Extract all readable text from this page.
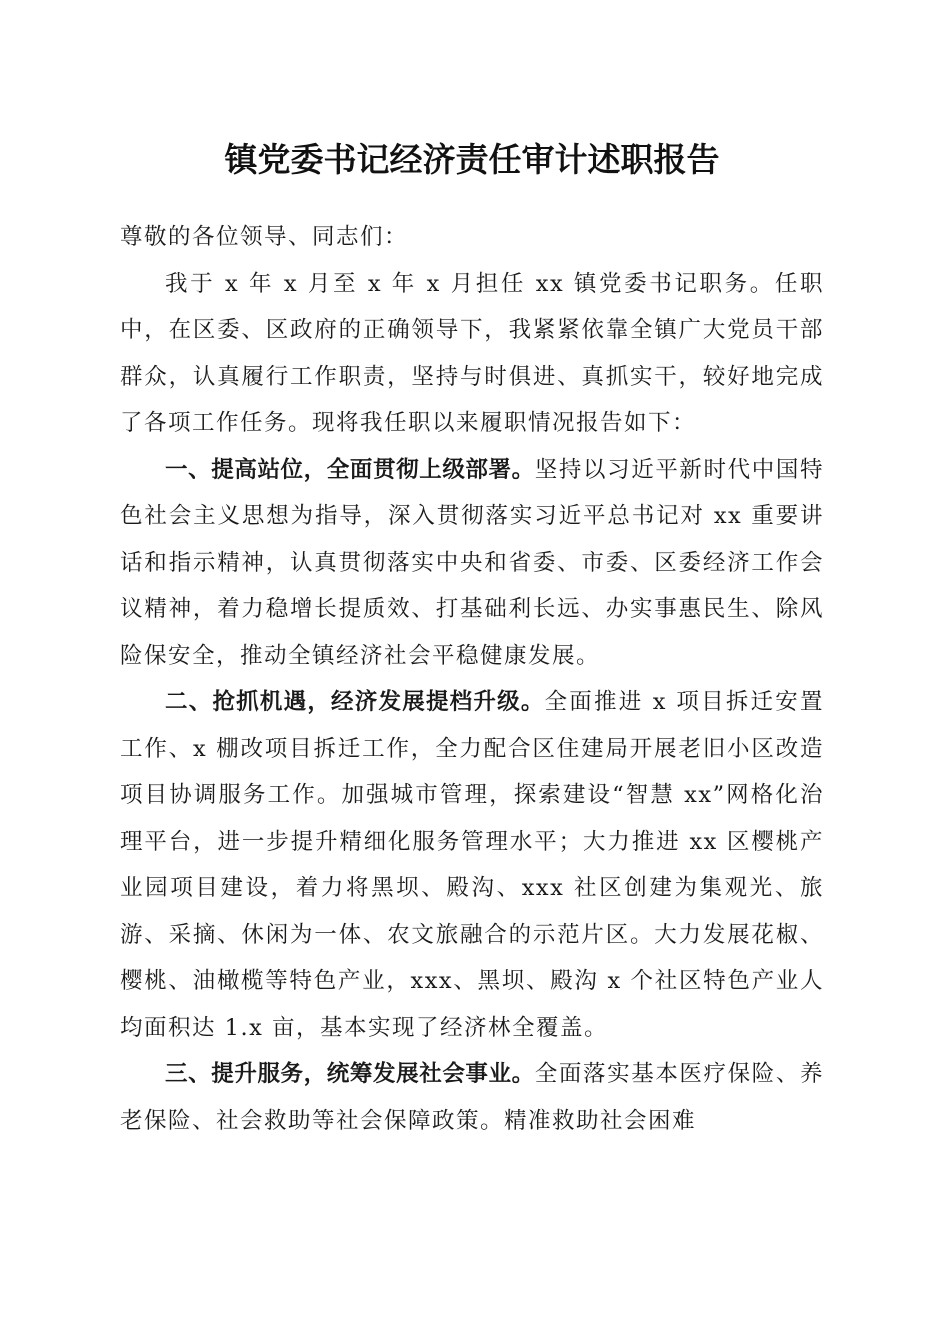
镇党委书记经济责任审计述职报告

尊敬的各位领导、同志们：

我于 x 年 x 月至 x 年 x 月担任 xx 镇党委书记职务。任职中，在区委、区政府的正确领导下，我紧紧依靠全镇广大党员干部群众，认真履行工作职责，坚持与时俱进、真抓实干，较好地完成了各项工作任务。现将我任职以来履职情况报告如下：

一、提高站位，全面贯彻上级部署。坚持以习近平新时代中国特色社会主义思想为指导，深入贯彻落实习近平总书记对 xx 重要讲话和指示精神，认真贯彻落实中央和省委、市委、区委经济工作会议精神，着力稳增长提质效、打基础利长远、办实事惠民生、除风险保安全，推动全镇经济社会平稳健康发展。

二、抢抓机遇，经济发展提档升级。全面推进 x 项目拆迁安置工作、x 棚改项目拆迁工作，全力配合区住建局开展老旧小区改造项目协调服务工作。加强城市管理，探索建设“智慧 xx”网格化治理平台，进一步提升精细化服务管理水平；大力推进 xx 区樱桃产业园项目建设，着力将黑坝、殿沟、xxx 社区创建为集观光、旅游、采摘、休闲为一体、农文旅融合的示范片区。大力发展花椒、樱桃、油橄榄等特色产业，xxx、黑坝、殿沟 x 个社区特色产业人均面积达 1.x 亩，基本实现了经济林全覆盖。

三、提升服务，统筹发展社会事业。全面落实基本医疗保险、养老保险、社会救助等社会保障政策。精准救助社会困难
